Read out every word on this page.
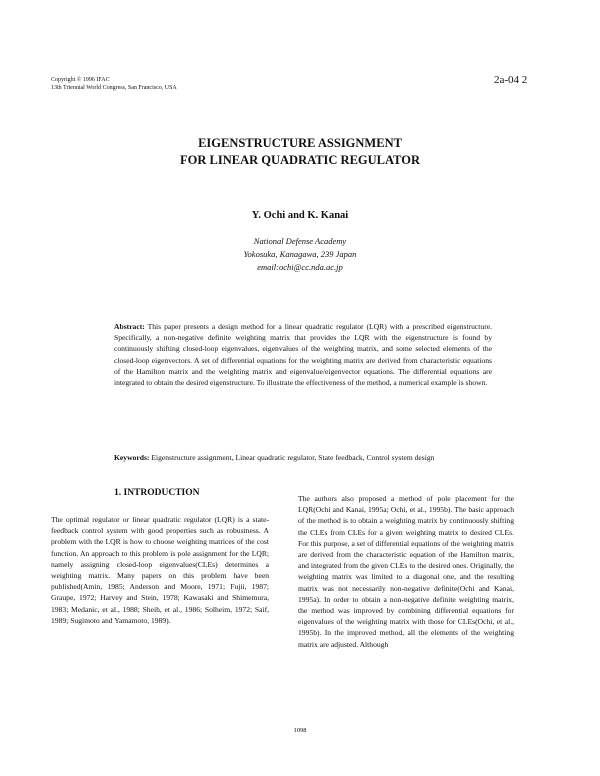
Copyright © 1996 IFAC
13th Triennial World Congress, San Francisco, USA
2a-04 2
EIGENSTRUCTURE ASSIGNMENT
FOR LINEAR QUADRATIC REGULATOR
Y. Ochi and K. Kanai
National Defense Academy
Yokosuka, Kanagawa, 239 Japan
email:ochi@cc.nda.ac.jp
Abstract: This paper presents a design method for a linear quadratic regulator (LQR) with a prescribed eigenstructure. Specifically, a non-negative definite weighting matrix that provides the LQR with the eigenstructure is found by continuously shifting closed-loop eigenvalues, eigenvalues of the weighting matrix, and some selected elements of the closed-loop eigenvectors. A set of differential equations for the weighting matrix are derived from characteristic equations of the Hamilton matrix and the weighting matrix and eigenvalue/eigenvector equations. The differential equations are integrated to obtain the desired eigenstructure. To illustrate the effectiveness of the method, a numerical example is shown.
Keywords: Eigenstructure assignment, Linear quadratic regulator, State feedback, Control system design
1. INTRODUCTION

The optimal regulator or linear quadratic regulator (LQR) is a state-feedback control system with good properties such as robustness. A problem with the LQR is how to choose weighting matrices of the cost function. An approach to this problem is pole assignment for the LQR; namely assigning closed-loop eigenvalues(CLEs) determines a weighting matrix. Many papers on this problem have been published(Amin, 1985; Anderson and Moore, 1971; Fujii, 1987; Graupe, 1972; Harvey and Stein, 1978; Kawasaki and Shimemura, 1983; Medanic, et al., 1988; Sheih, et al., 1986; Solheim, 1972; Saif, 1989; Sugimoto and Yamamoto, 1989).

The authors also proposed a method of pole placement for the LQR(Ochi and Kanai, 1995a; Ochi, et al., 1995b). The basic approach of the method is to obtain a weighting matrix by continuously shifting the CLEs from CLEs for a given weighting matrix to desired CLEs. For this purpose, a set of differential equations of the weighting matrix are derived from the characteristic equation of the Hamilton matrix, and integrated from the given CLEs to the desired ones. Originally, the weighting matrix was limited to a diagonal one, and the resulting matrix was not necessarily non-negative definite(Ochi and Kanai, 1995a). In order to obtain a non-negative definite weighting matrix, the method was improved by combining differential equations for eigenvalues of the weighting matrix with those for CLEs(Ochi, et al., 1995b). In the improved method, all the elements of the weighting matrix are adjusted. Although

1098
